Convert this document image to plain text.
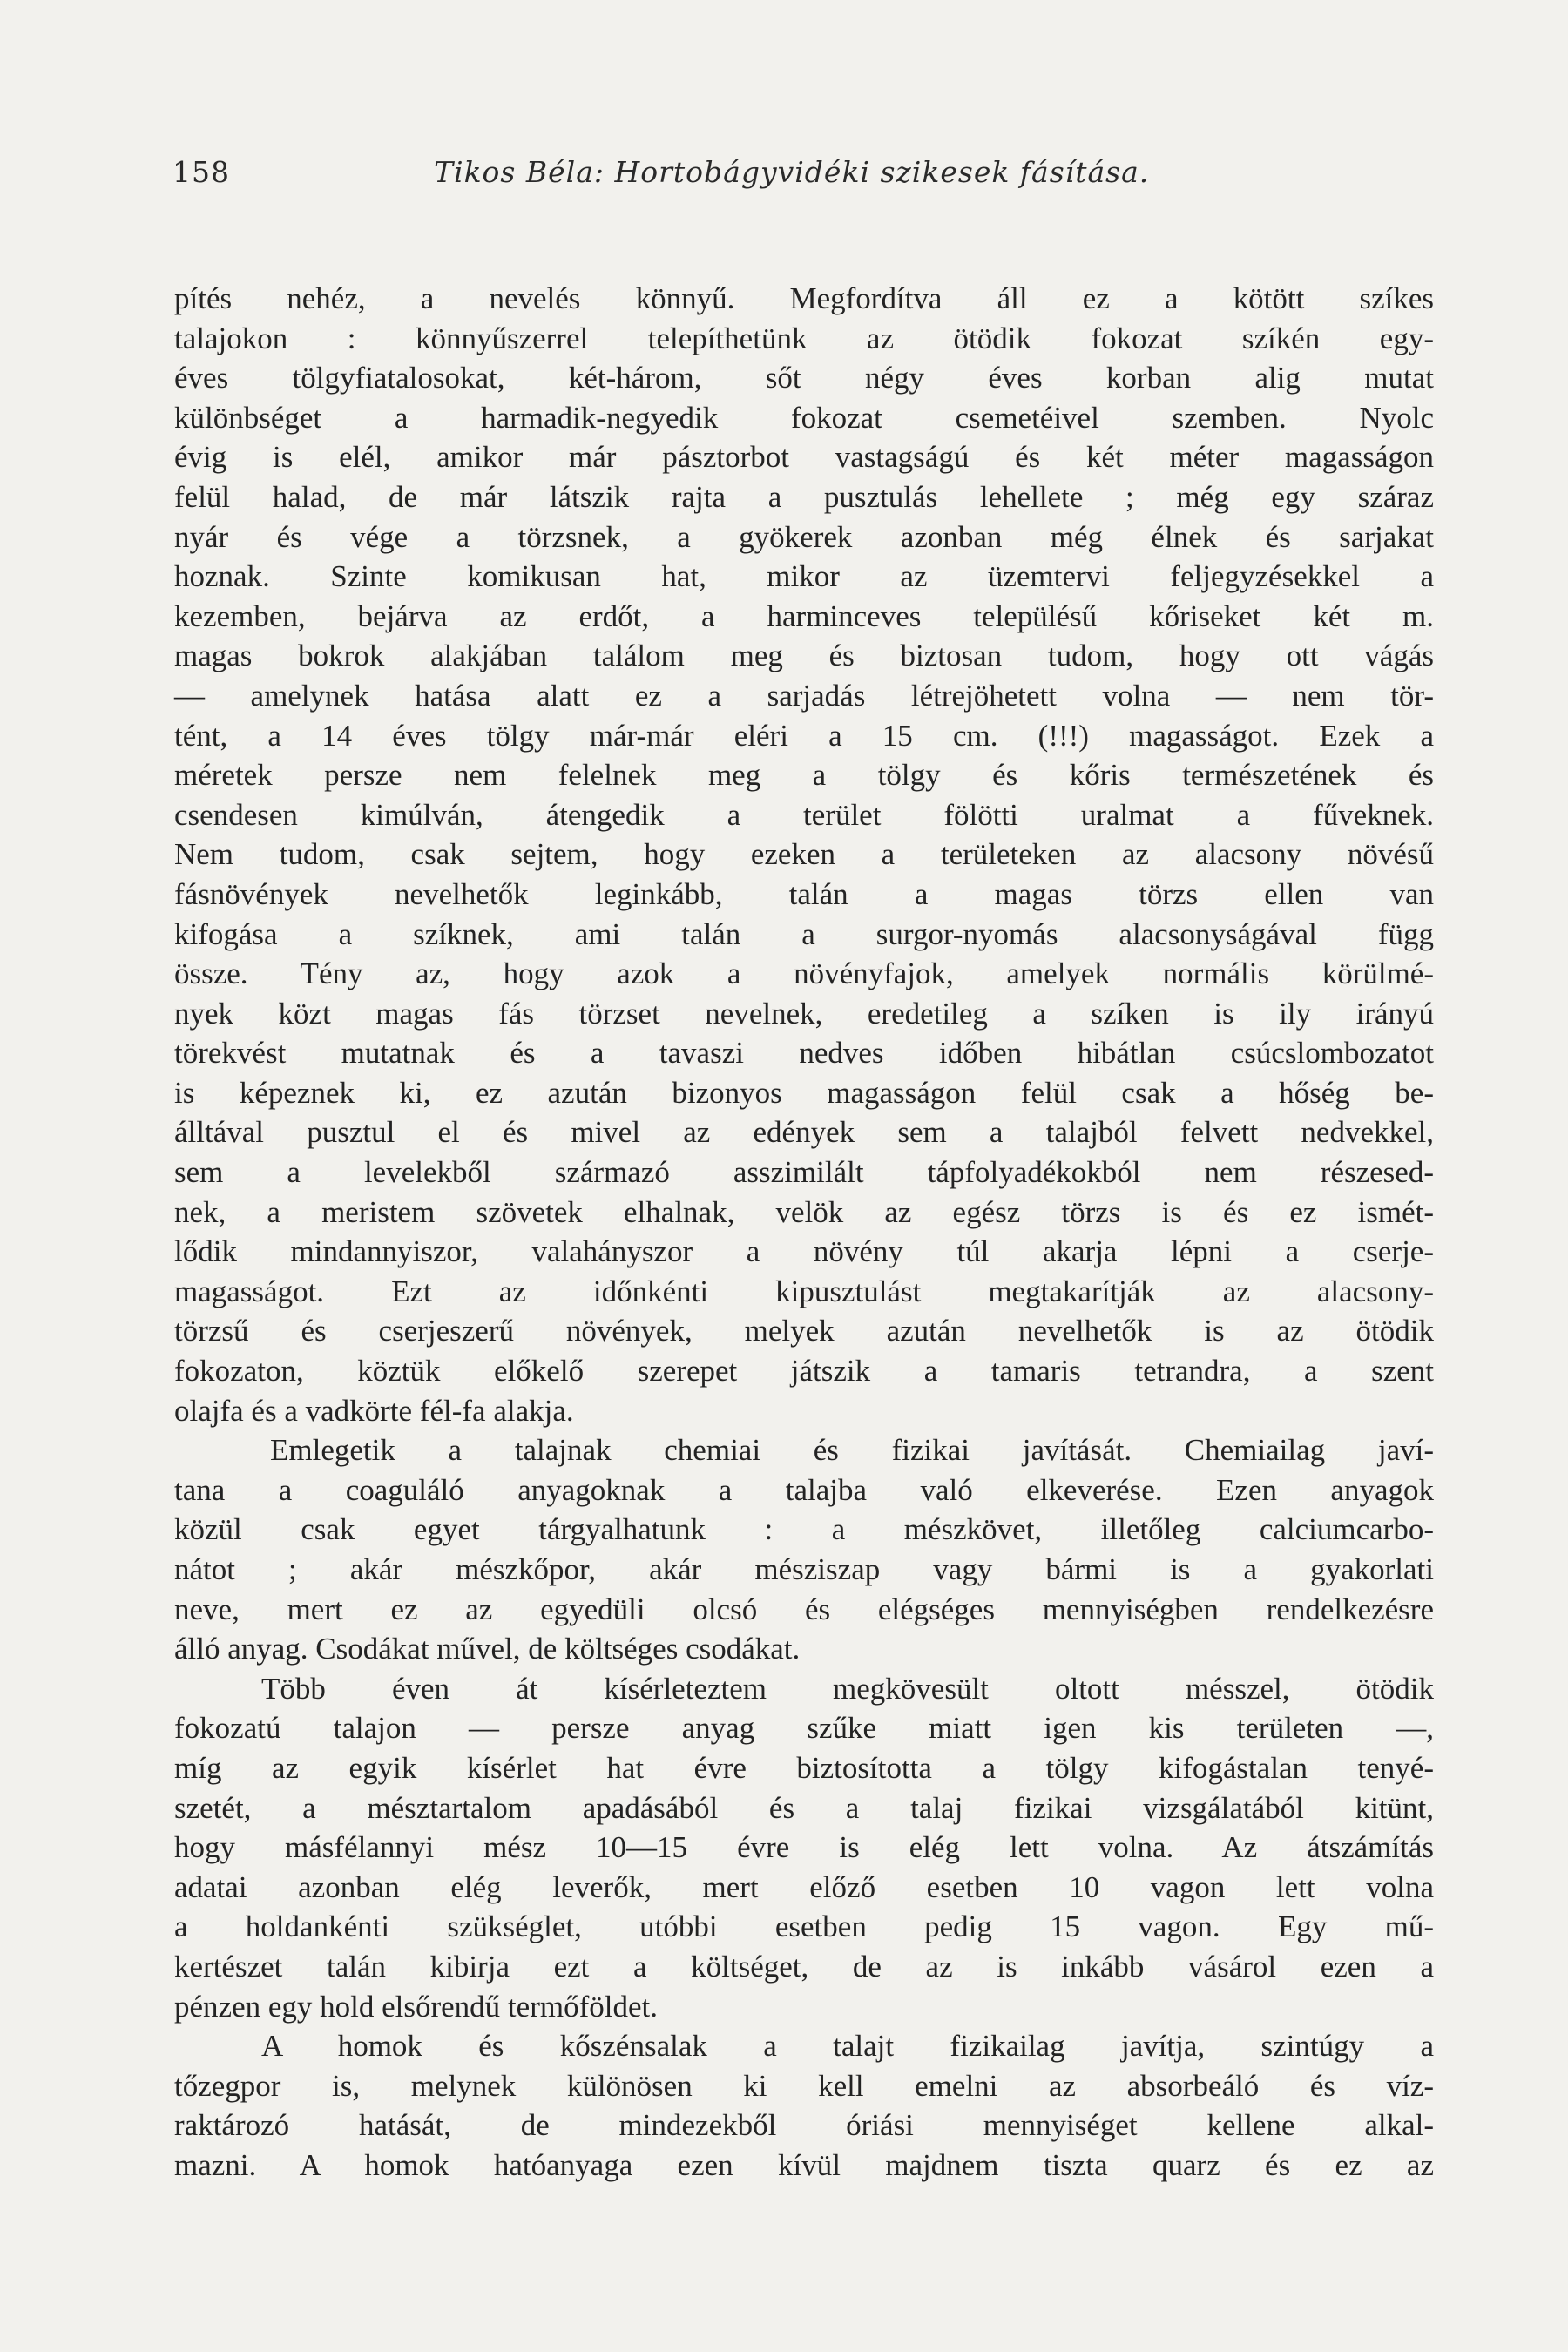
158	Tikos Béla: Hortobágyvidéki szikesek fásítása.
pítés nehéz, a nevelés könnyű. Megfordítva áll ez a kötött szíkes
talajokon : könnyűszerrel telepíthetünk az ötödik fokozat szíkén egy-
éves tölgyfiatalosokat, két-három, sőt négy éves korban alig mutat
különbséget a harmadik-negyedik fokozat csemetéivel szemben. Nyolc
évig is elél, amikor már pásztorbot vastagságú és két méter magasságon
felül halad, de már látszik rajta a pusztulás lehellete ; még egy száraz
nyár és vége a törzsnek, a gyökerek azonban még élnek és sarjakat
hoznak. Szinte komikusan hat, mikor az üzemtervi feljegyzésekkel a
kezemben, bejárva az erdőt, a harminceves településű kőriseket két m.
magas bokrok alakjában találom meg és biztosan tudom, hogy ott vágás
— amelynek hatása alatt ez a sarjadás létrejöhetett volna — nem tör-
tént, a 14 éves tölgy már-már eléri a 15 cm. (!!!) magasságot. Ezek a
méretek persze nem felelnek meg a tölgy és kőris természetének és
csendesen kimúlván, átengedik a terület fölötti uralmat a fűveknek.
Nem tudom, csak sejtem, hogy ezeken a területeken az alacsony növésű
fásnövények nevelhetők leginkább, talán a magas törzs ellen van
kifogása a szíknek, ami talán a surgor-nyomás alacsonyságával függ
össze. Tény az, hogy azok a növényfajok, amelyek normális körülmé-
nyek közt magas fás törzset nevelnek, eredetileg a szíken is ily irányú
törekvést mutatnak és a tavaszi nedves időben hibátlan csúcslombozatot
is képeznek ki, ez azután bizonyos magasságon felül csak a hőség be-
álltával pusztul el és mivel az edények sem a talajból felvett nedvekkel,
sem a levelekből származó asszimilált tápfolyadékokból nem részesed-
nek, a meristem szövetek elhalnak, velök az egész törzs is és ez ismét-
lődik mindannyiszor, valahányszor a növény túl akarja lépni a cserje-
magasságot. Ezt az időnkénti kipusztulást megtakarítják az alacsony-
törzsű és cserjeszerű növények, melyek azután nevelhetők is az ötödik
fokozaton, köztük előkelő szerepet játszik a tamaris tetrandra, a szent
olajfa és a vadkörte fél-fa alakja.
Emlegetik a talajnak chemiai és fizikai javítását. Chemiailag javí-
tana a coaguláló anyagoknak a talajba való elkeverése. Ezen anyagok
közül csak egyet tárgyalhatunk : a mészkövet, illetőleg calciumcarbo-
nátot ; akár mészkőpor, akár mésziszap vagy bármi is a gyakorlati
neve, mert ez az egyedüli olcsó és elégséges mennyiségben rendelkezésre
álló anyag. Csodákat művel, de költséges csodákat.
Több éven át kísérleteztem megkövesült oltott mésszel, ötödik
fokozatú talajon — persze anyag szűke miatt igen kis területen —,
míg az egyik kísérlet hat évre biztosította a tölgy kifogástalan tenyé-
szetét, a mésztartalom apadásából és a talaj fizikai vizsgálatából kitünt,
hogy másfélannyi mész 10—15 évre is elég lett volna. Az átszámítás
adatai azonban elég leverők, mert előző esetben 10 vagon lett volna
a holdankénti szükséglet, utóbbi esetben pedig 15 vagon. Egy mű-
kertészet talán kibirja ezt a költséget, de az is inkább vásárol ezen a
pénzen egy hold elsőrendű termőföldet.
A homok és kőszénsalak a talajt fizikailag javítja, szintúgy a
tőzegpor is, melynek különösen ki kell emelni az absorbeáló és víz-
raktározó hatását, de mindezekből óriási mennyiséget kellene alkal-
mazni. A homok hatóanyaga ezen kívül majdnem tiszta quarz és ez az
